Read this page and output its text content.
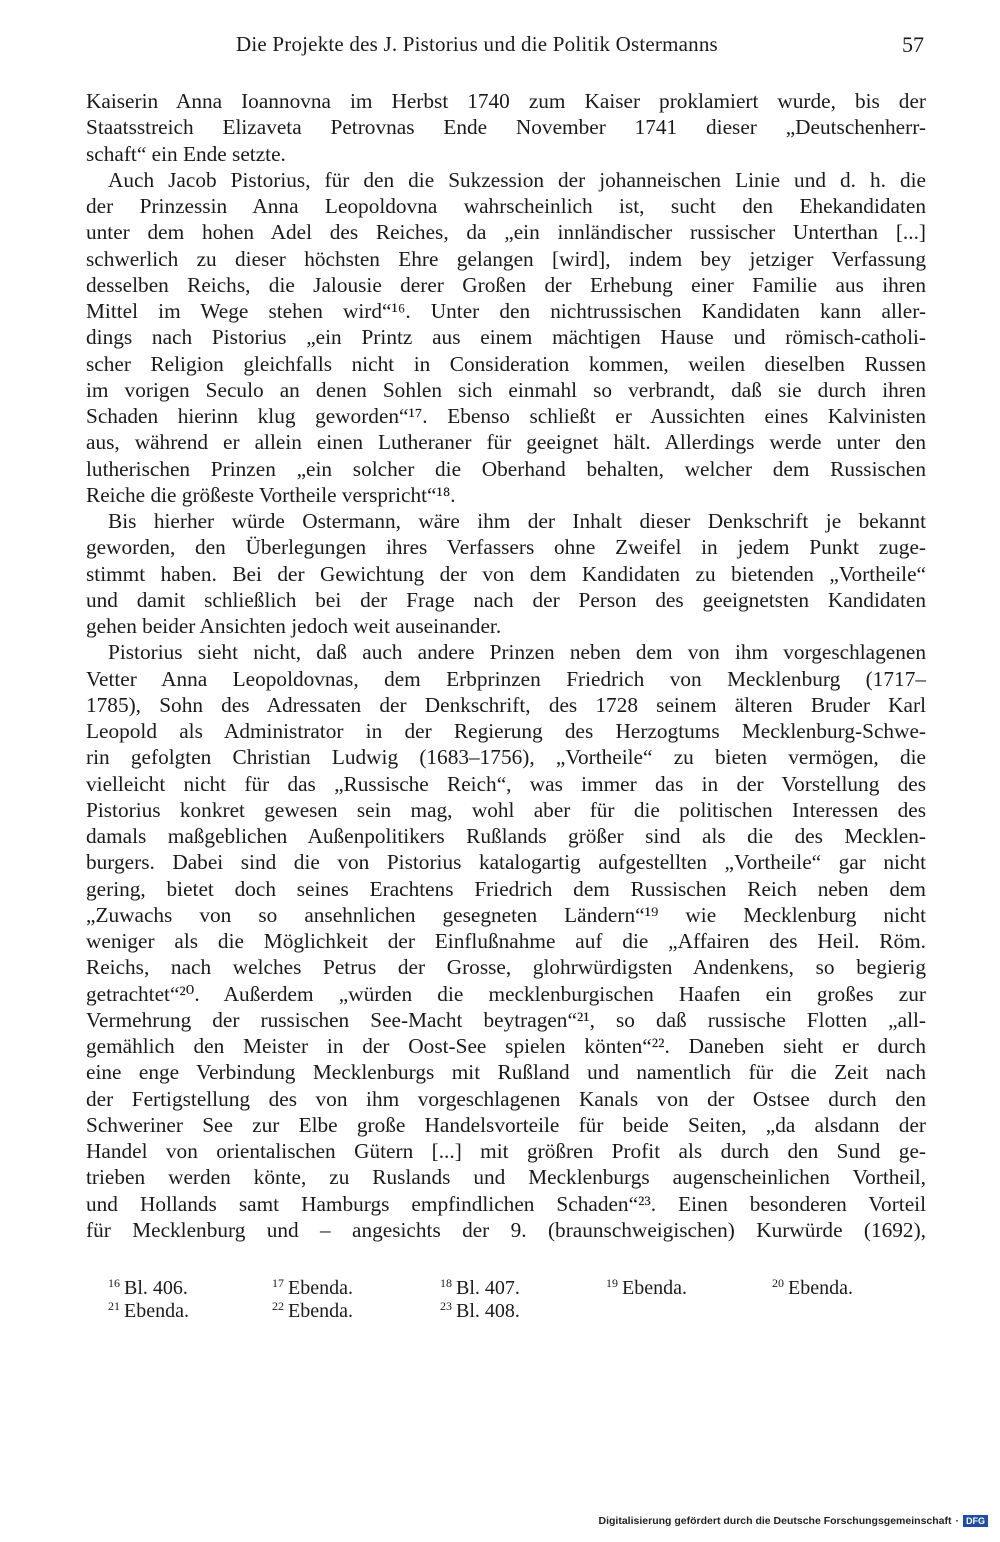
Die Projekte des J. Pistorius und die Politik Ostermanns	57
Kaiserin Anna Ioannovna im Herbst 1740 zum Kaiser proklamiert wurde, bis der
Staatsstreich Elizaveta Petrovnas Ende November 1741 dieser „Deutschenherr-
schaft“ ein Ende setzte.
Auch Jacob Pistorius, für den die Sukzession der johanneischen Linie und d. h. die
der Prinzessin Anna Leopoldovna wahrscheinlich ist, sucht den Ehekandidaten
unter dem hohen Adel des Reiches, da „ein innländischer russischer Unterthan [...]
schwerlich zu dieser höchsten Ehre gelangen [wird], indem bey jetziger Verfassung
desselben Reichs, die Jalousie derer Großen der Erhebung einer Familie aus ihren
Mittel im Wege stehen wird“¹⁶. Unter den nichtrussischen Kandidaten kann aller-
dings nach Pistorius „ein Printz aus einem mächtigen Hause und römisch-catholi-
scher Religion gleichfalls nicht in Consideration kommen, weilen dieselben Russen
im vorigen Seculo an denen Sohlen sich einmahl so verbrandt, daß sie durch ihren
Schaden hierinn klug geworden“¹⁷. Ebenso schließt er Aussichten eines Kalvinisten
aus, während er allein einen Lutheraner für geeignet hält. Allerdings werde unter den
lutherischen Prinzen „ein solcher die Oberhand behalten, welcher dem Russischen
Reiche die größeste Vortheile verspricht“¹⁸.
Bis hierher würde Ostermann, wäre ihm der Inhalt dieser Denkschrift je bekannt
geworden, den Überlegungen ihres Verfassers ohne Zweifel in jedem Punkt zuge-
stimmt haben. Bei der Gewichtung der von dem Kandidaten zu bietenden „Vortheile“
und damit schließlich bei der Frage nach der Person des geeignetsten Kandidaten
gehen beider Ansichten jedoch weit auseinander.
Pistorius sieht nicht, daß auch andere Prinzen neben dem von ihm vorgeschlagenen
Vetter Anna Leopoldovnas, dem Erbprinzen Friedrich von Mecklenburg (1717–
1785), Sohn des Adressaten der Denkschrift, des 1728 seinem älteren Bruder Karl
Leopold als Administrator in der Regierung des Herzogtums Mecklenburg-Schwe-
rin gefolgten Christian Ludwig (1683–1756), „Vortheile“ zu bieten vermögen, die
vielleicht nicht für das „Russische Reich“, was immer das in der Vorstellung des
Pistorius konkret gewesen sein mag, wohl aber für die politischen Interessen des
damals maßgeblichen Außenpolitikers Rußlands größer sind als die des Mecklen-
burgers. Dabei sind die von Pistorius katalogartig aufgestellten „Vortheile“ gar nicht
gering, bietet doch seines Erachtens Friedrich dem Russischen Reich neben dem
„Zuwachs von so ansehnlichen gesegneten Ländern“¹⁹ wie Mecklenburg nicht
weniger als die Möglichkeit der Einflußnahme auf die „Affairen des Heil. Röm.
Reichs, nach welches Petrus der Grosse, glohrwürdigsten Andenkens, so begierig
getrachtet“²⁰. Außerdem „würden die mecklenburgischen Haafen ein großes zur
Vermehrung der russischen See-Macht beytragen“²¹, so daß russische Flotten „all-
gemählich den Meister in der Oost-See spielen könten“²². Daneben sieht er durch
eine enge Verbindung Mecklenburgs mit Rußland und namentlich für die Zeit nach
der Fertigstellung des von ihm vorgeschlagenen Kanals von der Ostsee durch den
Schweriner See zur Elbe große Handelsvorteile für beide Seiten, „da alsdann der
Handel von orientalischen Gütern [...] mit größren Profit als durch den Sund ge-
trieben werden könte, zu Ruslands und Mecklenburgs augenscheinlichen Vortheil,
und Hollands samt Hamburgs empfindlichen Schaden“²³. Einen besonderen Vorteil
für Mecklenburg und – angesichts der 9. (braunschweigischen) Kurwürde (1692),
$^{16}$ Bl. 406.	$^{17}$ Ebenda.	$^{18}$ Bl. 407.	$^{19}$ Ebenda.	$^{20}$ Ebenda.
$^{21}$ Ebenda.	$^{22}$ Ebenda.	$^{23}$ Bl. 408.
Digitalisierung gefördert durch die Deutsche Forschungsgemeinschaft · DFG
